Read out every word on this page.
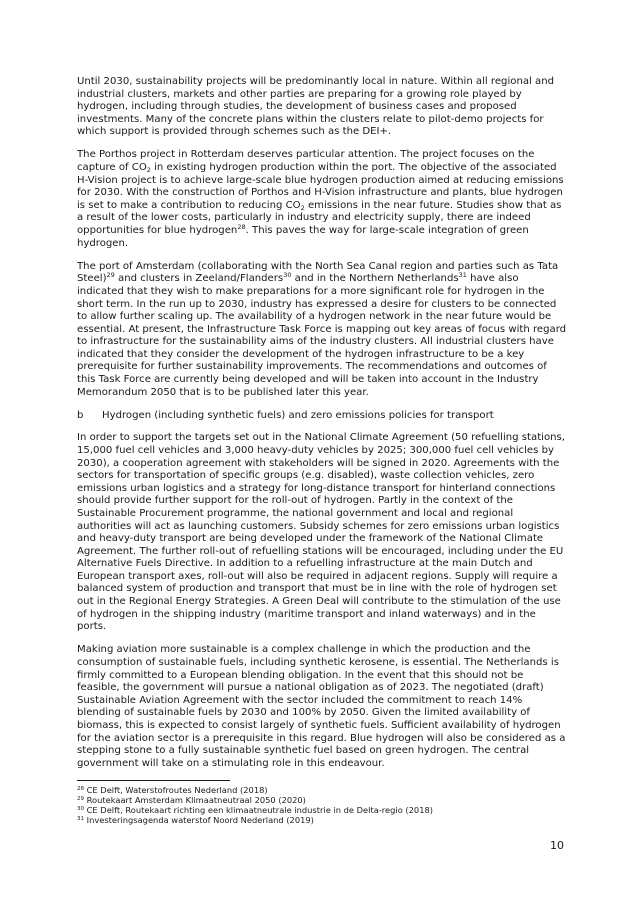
Until 2030, sustainability projects will be predominantly local in nature. Within all regional and industrial clusters, markets and other parties are preparing for a growing role played by hydrogen, including through studies, the development of business cases and proposed investments. Many of the concrete plans within the clusters relate to pilot-demo projects for which support is provided through schemes such as the DEI+.

The Porthos project in Rotterdam deserves particular attention. The project focuses on the capture of $CO_2$ in existing hydrogen production within the port. The objective of the associated H-Vision project is to achieve large-scale blue hydrogen production aimed at reducing emissions for 2030. With the construction of Porthos and H-Vision infrastructure and plants, blue hydrogen is set to make a contribution to reducing $CO_2$ emissions in the near future. Studies show that as a result of the lower costs, particularly in industry and electricity supply, there are indeed opportunities for blue hydrogen$^{28}$. This paves the way for large-scale integration of green hydrogen.

The port of Amsterdam (collaborating with the North Sea Canal region and parties such as Tata Steel)$^{29}$ and clusters in Zeeland/Flanders$^{30}$ and in the Northern Netherlands$^{31}$ have also indicated that they wish to make preparations for a more significant role for hydrogen in the short term. In the run up to 2030, industry has expressed a desire for clusters to be connected to allow further scaling up. The availability of a hydrogen network in the near future would be essential. At present, the Infrastructure Task Force is mapping out key areas of focus with regard to infrastructure for the sustainability aims of the industry clusters. All industrial clusters have indicated that they consider the development of the hydrogen infrastructure to be a key prerequisite for further sustainability improvements. The recommendations and outcomes of this Task Force are currently being developed and will be taken into account in the Industry Memorandum 2050 that is to be published later this year.

b Hydrogen (including synthetic fuels) and zero emissions policies for transport

In order to support the targets set out in the National Climate Agreement (50 refuelling stations, 15,000 fuel cell vehicles and 3,000 heavy-duty vehicles by 2025; 300,000 fuel cell vehicles by 2030), a cooperation agreement with stakeholders will be signed in 2020. Agreements with the sectors for transportation of specific groups (e.g. disabled), waste collection vehicles, zero emissions urban logistics and a strategy for long-distance transport for hinterland connections should provide further support for the roll-out of hydrogen. Partly in the context of the Sustainable Procurement programme, the national government and local and regional authorities will act as launching customers. Subsidy schemes for zero emissions urban logistics and heavy-duty transport are being developed under the framework of the National Climate Agreement. The further roll-out of refuelling stations will be encouraged, including under the EU Alternative Fuels Directive. In addition to a refuelling infrastructure at the main Dutch and European transport axes, roll-out will also be required in adjacent regions. Supply will require a balanced system of production and transport that must be in line with the role of hydrogen set out in the Regional Energy Strategies. A Green Deal will contribute to the stimulation of the use of hydrogen in the shipping industry (maritime transport and inland waterways) and in the ports.

Making aviation more sustainable is a complex challenge in which the production and the consumption of sustainable fuels, including synthetic kerosene, is essential. The Netherlands is firmly committed to a European blending obligation. In the event that this should not be feasible, the government will pursue a national obligation as of 2023. The negotiated (draft) Sustainable Aviation Agreement with the sector included the commitment to reach 14% blending of sustainable fuels by 2030 and 100% by 2050. Given the limited availability of biomass, this is expected to consist largely of synthetic fuels. Sufficient availability of hydrogen for the aviation sector is a prerequisite in this regard. Blue hydrogen will also be considered as a stepping stone to a fully sustainable synthetic fuel based on green hydrogen. The central government will take on a stimulating role in this endeavour.

$^{28}$ CE Delft, Waterstofroutes Nederland (2018)
$^{29}$ Routekaart Amsterdam Klimaatneutraal 2050 (2020)
$^{30}$ CE Delft, Routekaart richting een klimaatneutrale industrie in de Delta-regio (2018)
$^{31}$ Investeringsagenda waterstof Noord Nederland (2019)
10
